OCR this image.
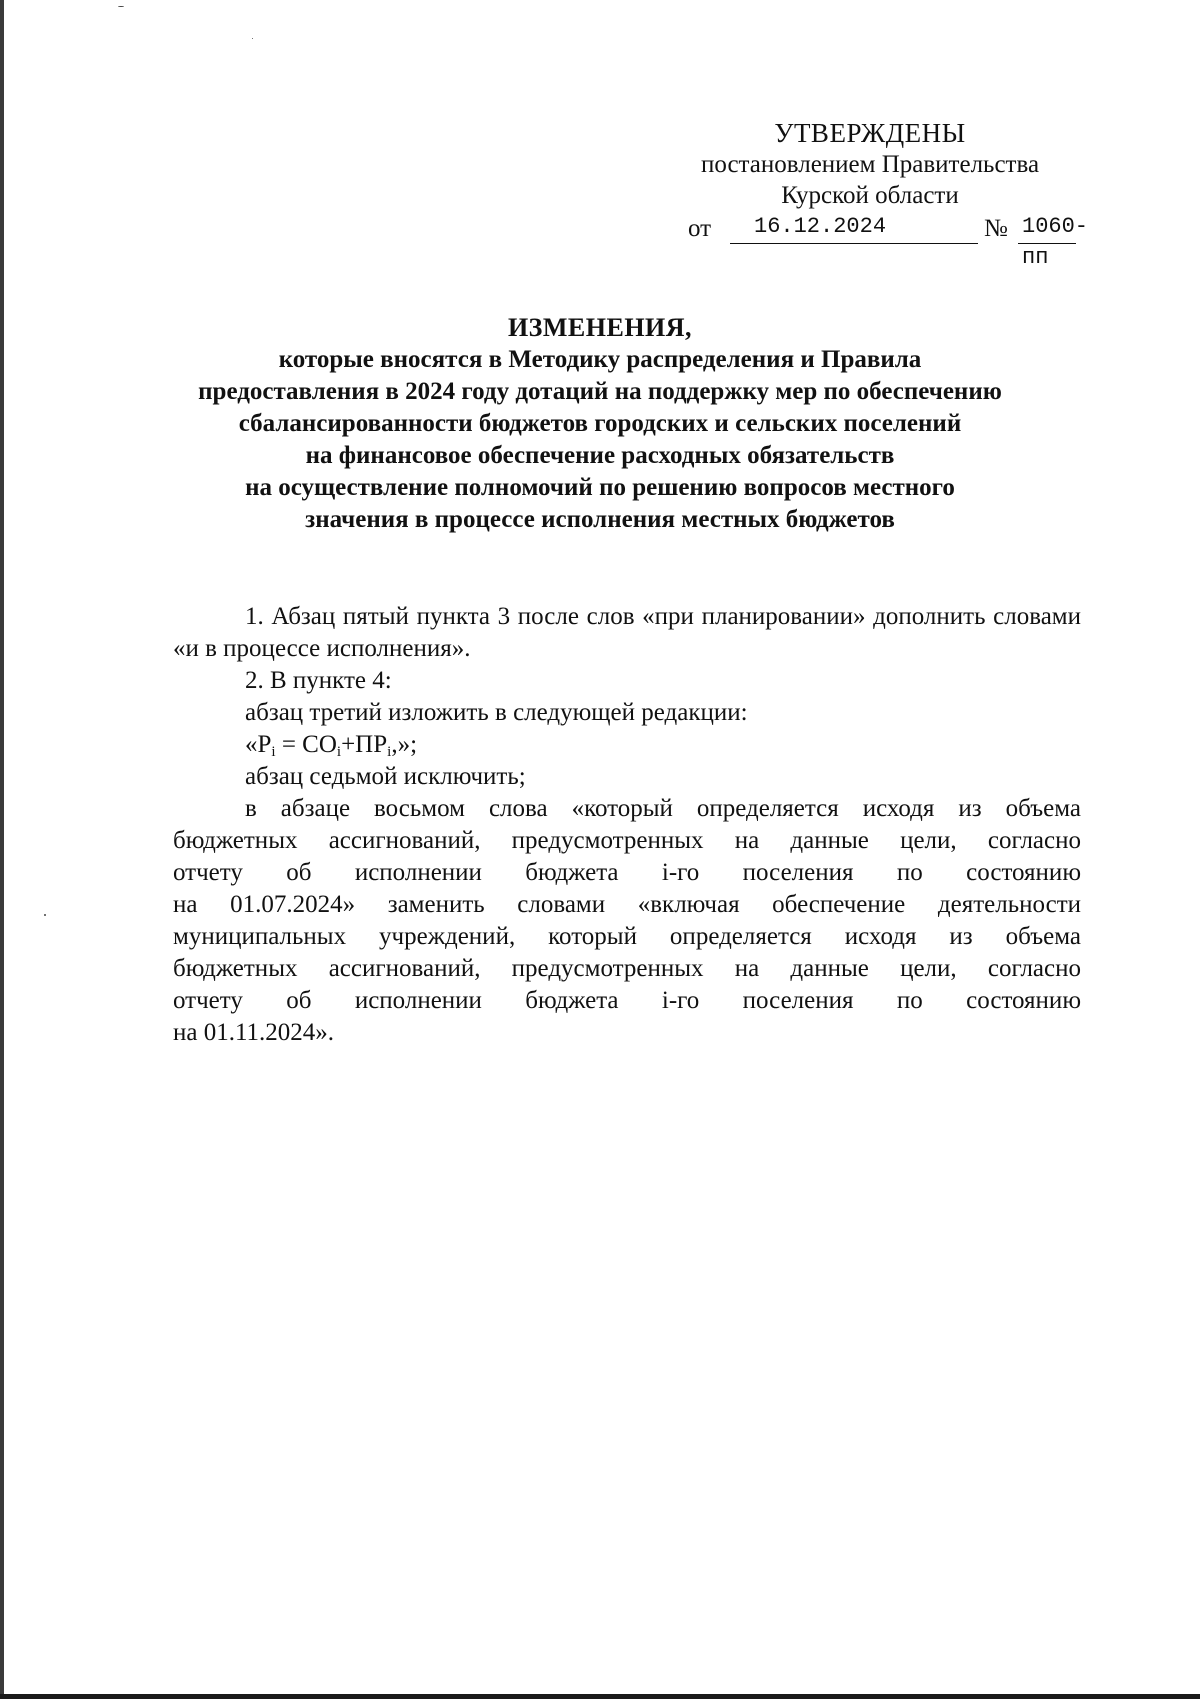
УТВЕРЖДЕНЫ
постановлением Правительства
Курской области
от 16.12.2024	№ 1060-пп
ИЗМЕНЕНИЯ,
которые вносятся в Методику распределения и Правила
предоставления в 2024 году дотаций на поддержку мер по обеспечению
сбалансированности бюджетов городских и сельских поселений
на финансовое обеспечение расходных обязательств
на осуществление полномочий по решению вопросов местного
значения в процессе исполнения местных бюджетов
1. Абзац пятый пункта 3 после слов «при планировании» дополнить словами «и в процессе исполнения».
2. В пункте 4:
абзац третий изложить в следующей редакции:
«$P_i = CO_i+ПР_i$,»;
абзац седьмой исключить;
в абзаце восьмом слова «который определяется исходя из объема
бюджетных ассигнований, предусмотренных на данные цели, согласно
отчету об исполнении бюджета i-го поселения по состоянию
на 01.07.2024» заменить словами «включая обеспечение деятельности
муниципальных учреждений, который определяется исходя из объема
бюджетных ассигнований, предусмотренных на данные цели, согласно
отчету об исполнении бюджета i-го поселения по состоянию
на 01.11.2024».
